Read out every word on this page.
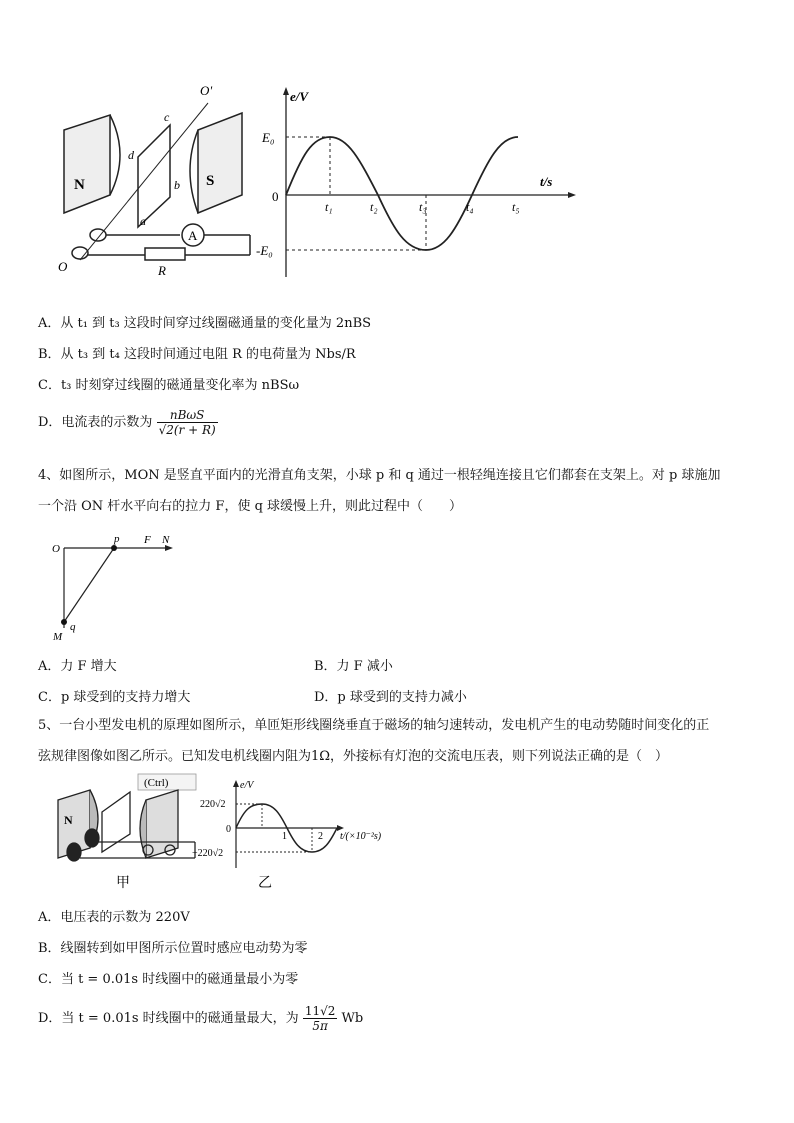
N	S
c
d
b
a
O'
O
A
R
e/V
t/s
E₀
-E₀
0
t₁	t₂	t₃	t₄	t₅
A．从 t₁ 到 t₃ 这段时间穿过线圈磁通量的变化量为 2nBS
B．从 t₃ 到 t₄ 这段时间通过电阻 R 的电荷量为 Nbs/R
C．t₃ 时刻穿过线圈的磁通量变化率为 nBSω
D．电流表的示数为 $\frac{\text{nBωS}}{√2(r + R)}$
4、如图所示，MON 是竖直平面内的光滑直角支架，小球 p 和 q 通过一根轻绳连接且它们都套在支架上。对 p 球施加
一个沿 ON 杆水平向右的拉力 F，使 q 球缓慢上升，则此过程中（　　）
O
p F N
M
q
A．力 F 增大	B．力 F 减小
C．p 球受到的支持力增大	D．p 球受到的支持力减小
5、一台小型发电机的原理如图所示，单匝矩形线圈绕垂直于磁场的轴匀速转动，发电机产生的电动势随时间变化的正
弦规律图像如图乙所示。已知发电机线圈内阻为1Ω，外接标有灯泡的交流电压表，则下列说法正确的是（　）
(Ctrl)
N
甲
e/V
220√2
0
−220√2
1	2 t/(×10⁻²s)
乙
A．电压表的示数为 220V
B．线圈转到如甲图所示位置时感应电动势为零
C．当 t = 0.01s 时线圈中的磁通量最小为零
D．当 t = 0.01s 时线圈中的磁通量最大，为 $\frac{11√2}{5\pi}$ Wb
